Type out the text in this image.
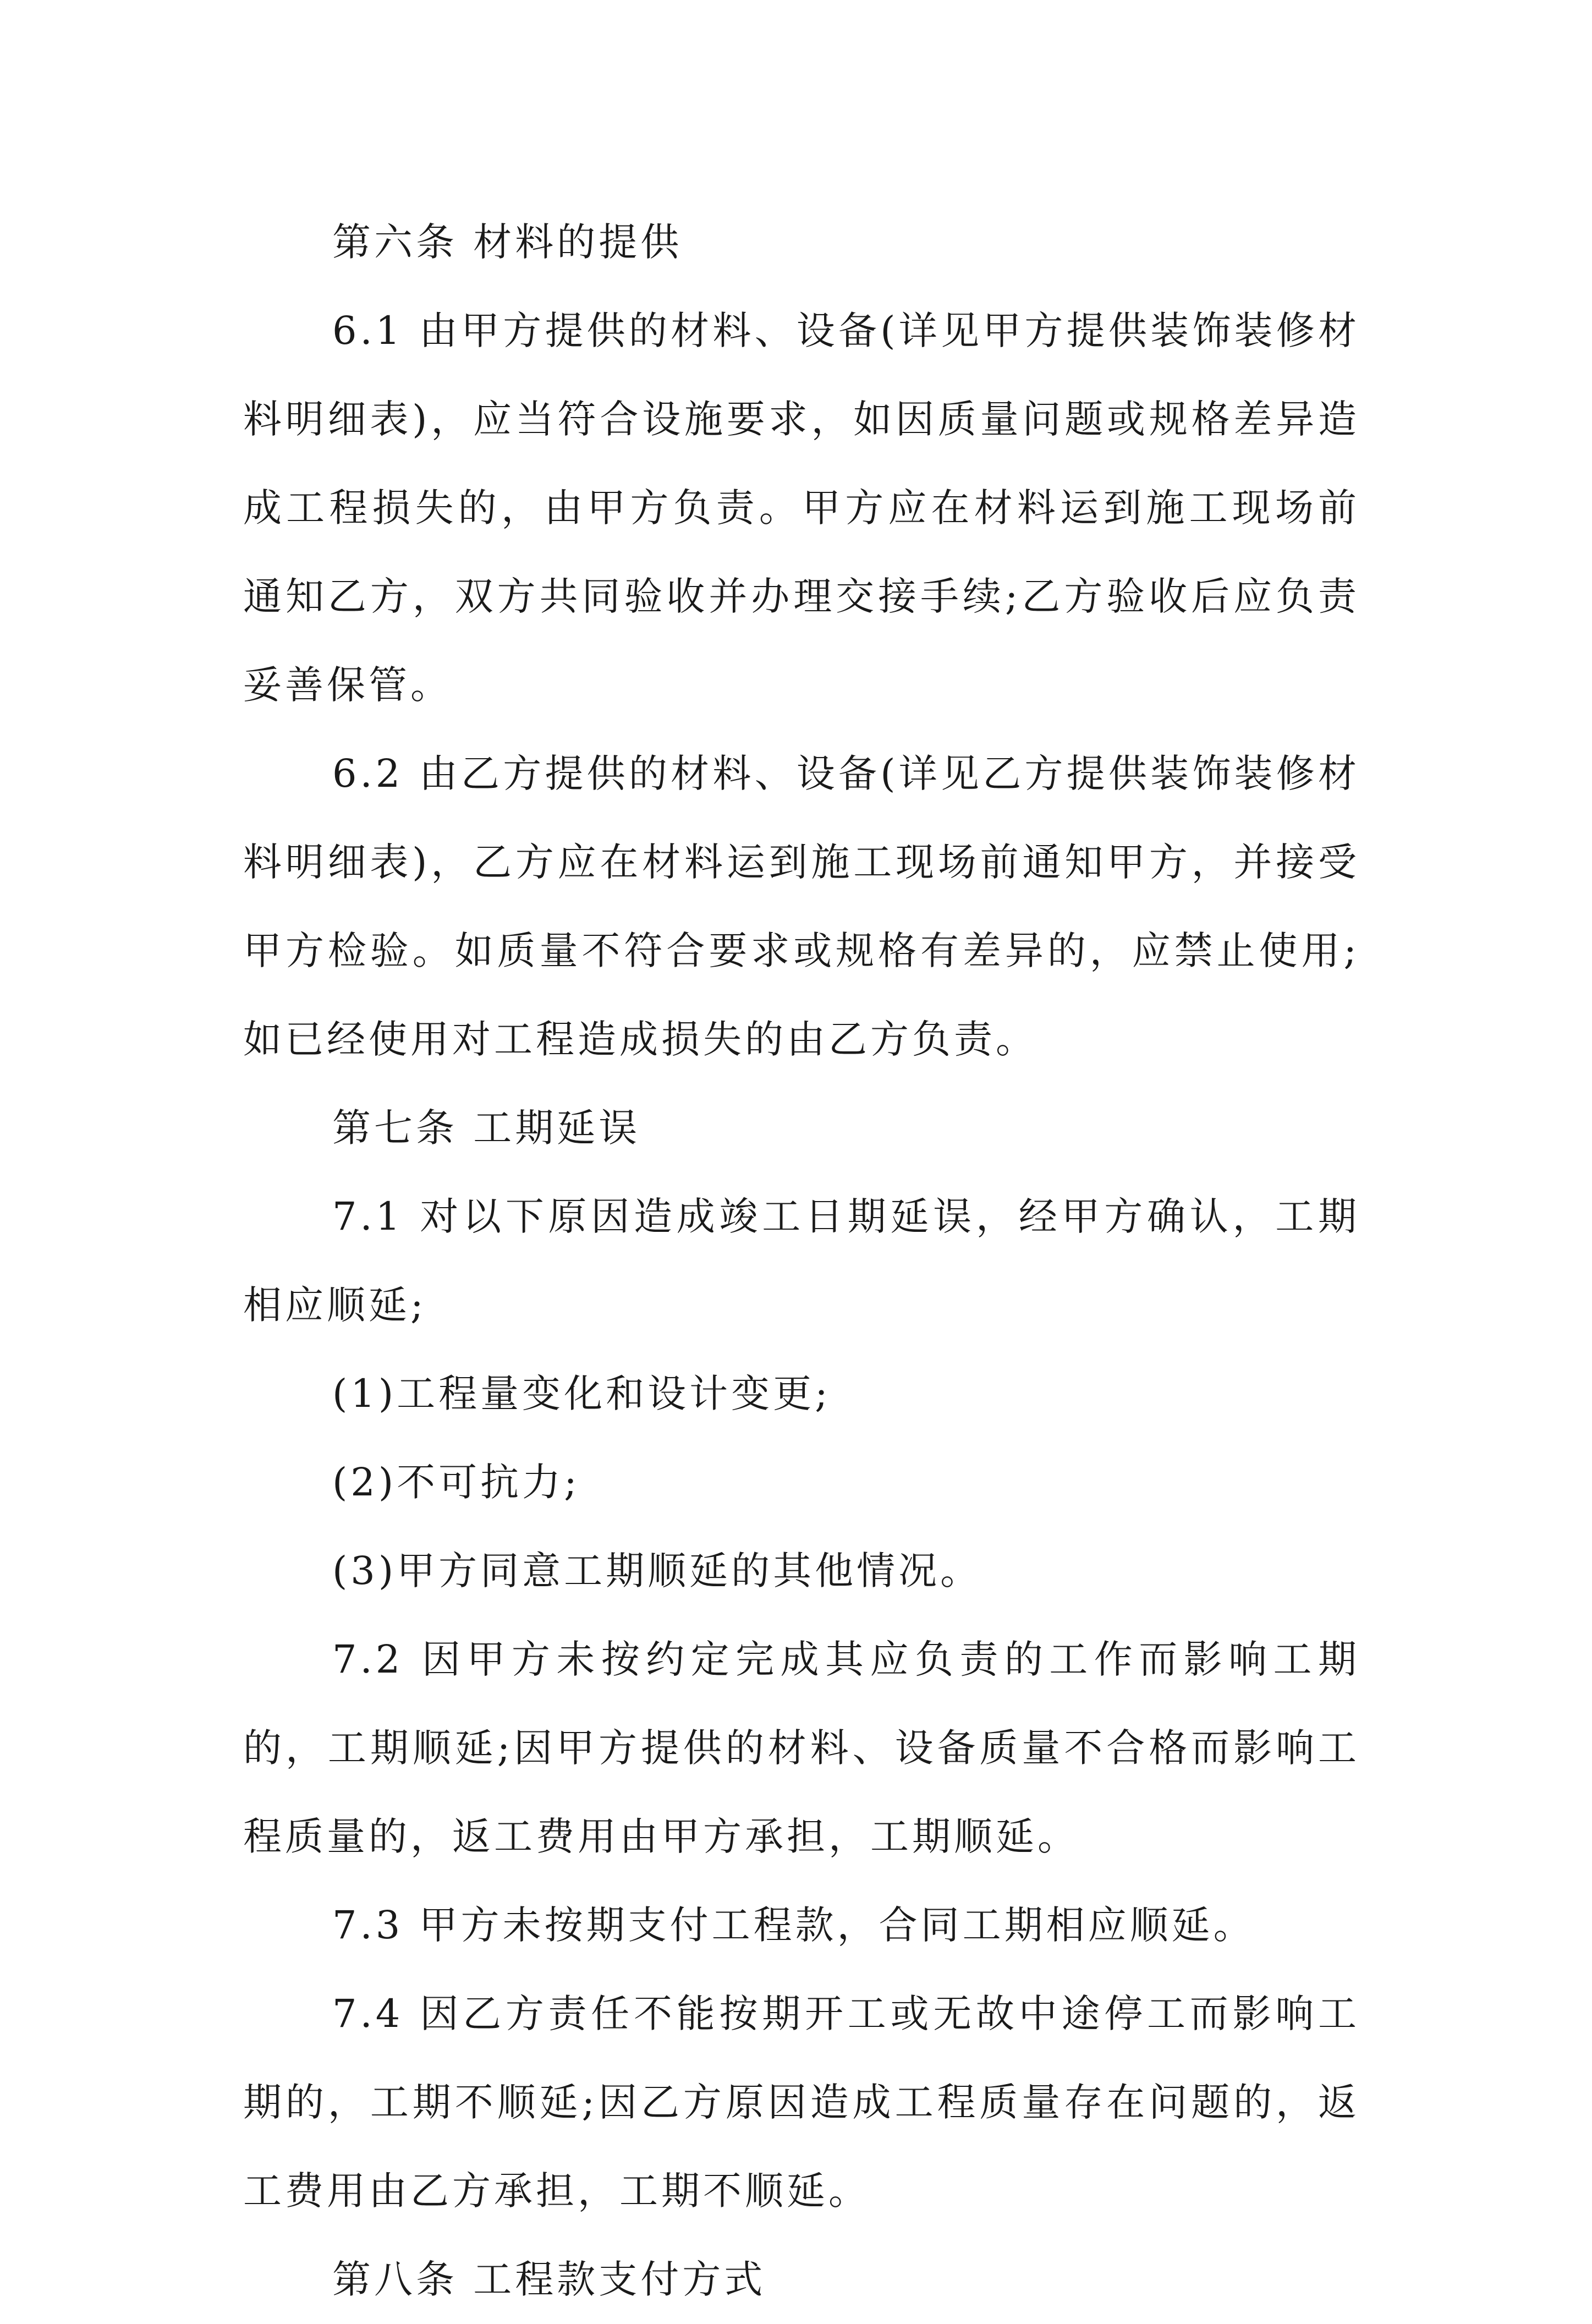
第六条 材料的提供

6.1 由甲方提供的材料、设备(详见甲方提供装饰装修材料明细表)，应当符合设施要求，如因质量问题或规格差异造成工程损失的，由甲方负责。甲方应在材料运到施工现场前通知乙方，双方共同验收并办理交接手续;乙方验收后应负责妥善保管。

6.2 由乙方提供的材料、设备(详见乙方提供装饰装修材料明细表)，乙方应在材料运到施工现场前通知甲方，并接受甲方检验。如质量不符合要求或规格有差异的，应禁止使用;如已经使用对工程造成损失的由乙方负责。

第七条 工期延误

7.1 对以下原因造成竣工日期延误，经甲方确认，工期相应顺延;

(1)工程量变化和设计变更;

(2)不可抗力;

(3)甲方同意工期顺延的其他情况。

7.2 因甲方未按约定完成其应负责的工作而影响工期的，工期顺延;因甲方提供的材料、设备质量不合格而影响工程质量的，返工费用由甲方承担，工期顺延。

7.3 甲方未按期支付工程款，合同工期相应顺延。

7.4 因乙方责任不能按期开工或无故中途停工而影响工期的，工期不顺延;因乙方原因造成工程质量存在问题的，返工费用由乙方承担，工期不顺延。

第八条 工程款支付方式
